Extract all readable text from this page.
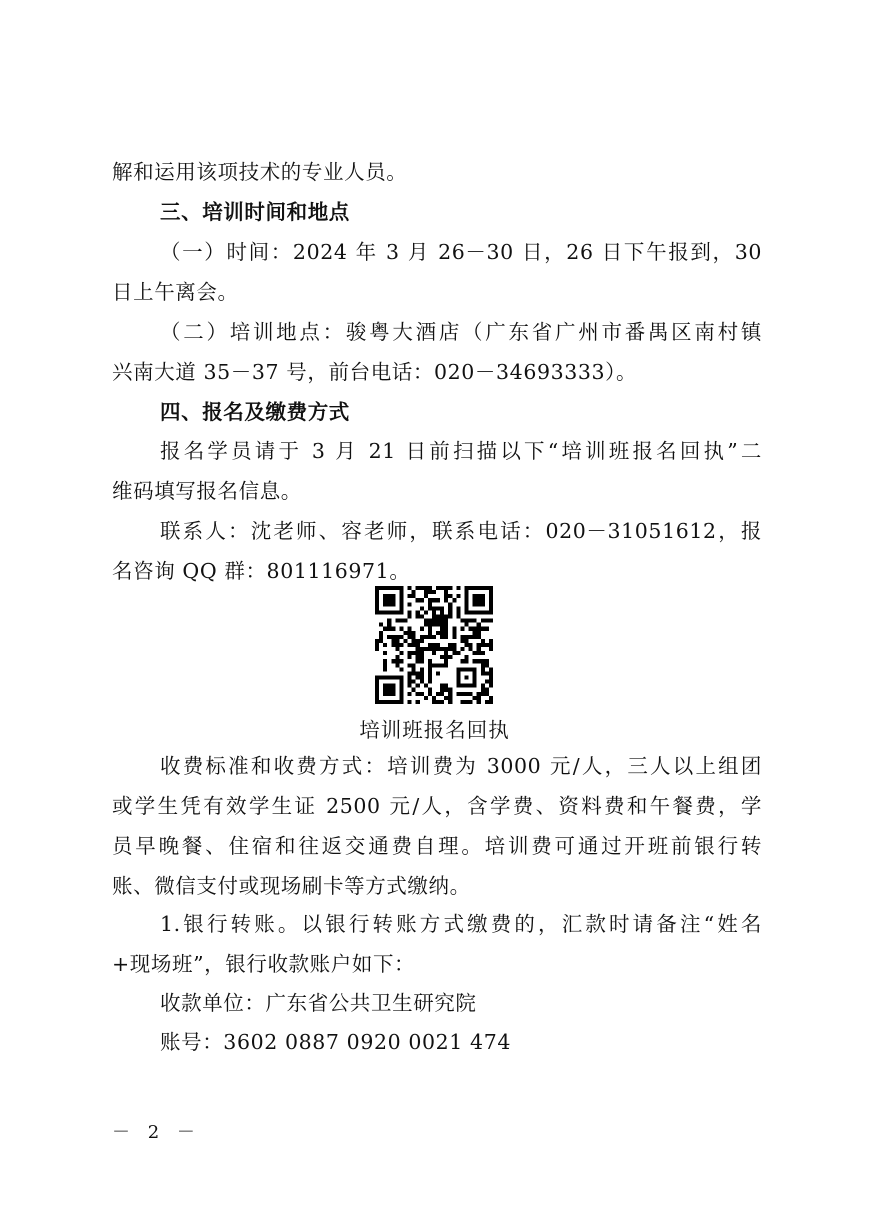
解和运用该项技术的专业人员。
三、培训时间和地点
（一）时间：2024 年 3 月 26－30 日，26 日下午报到，30
日上午离会。
（二）培训地点：骏粤大酒店（广东省广州市番禺区南村镇
兴南大道 35－37 号，前台电话：020－34693333）。
四、报名及缴费方式
报名学员请于 3 月 21 日前扫描以下“培训班报名回执”二
维码填写报名信息。
联系人：沈老师、容老师，联系电话：020－31051612，报
名咨询 QQ 群：801116971。
培训班报名回执
收费标准和收费方式：培训费为 3000 元/人，三人以上组团
或学生凭有效学生证 2500 元/人，含学费、资料费和午餐费，学
员早晚餐、住宿和往返交通费自理。培训费可通过开班前银行转
账、微信支付或现场刷卡等方式缴纳。
1.银行转账。以银行转账方式缴费的，汇款时请备注“姓名
+现场班”，银行收款账户如下：
收款单位：广东省公共卫生研究院
账号：3602 0887 0920 0021 474
－ 2 －
